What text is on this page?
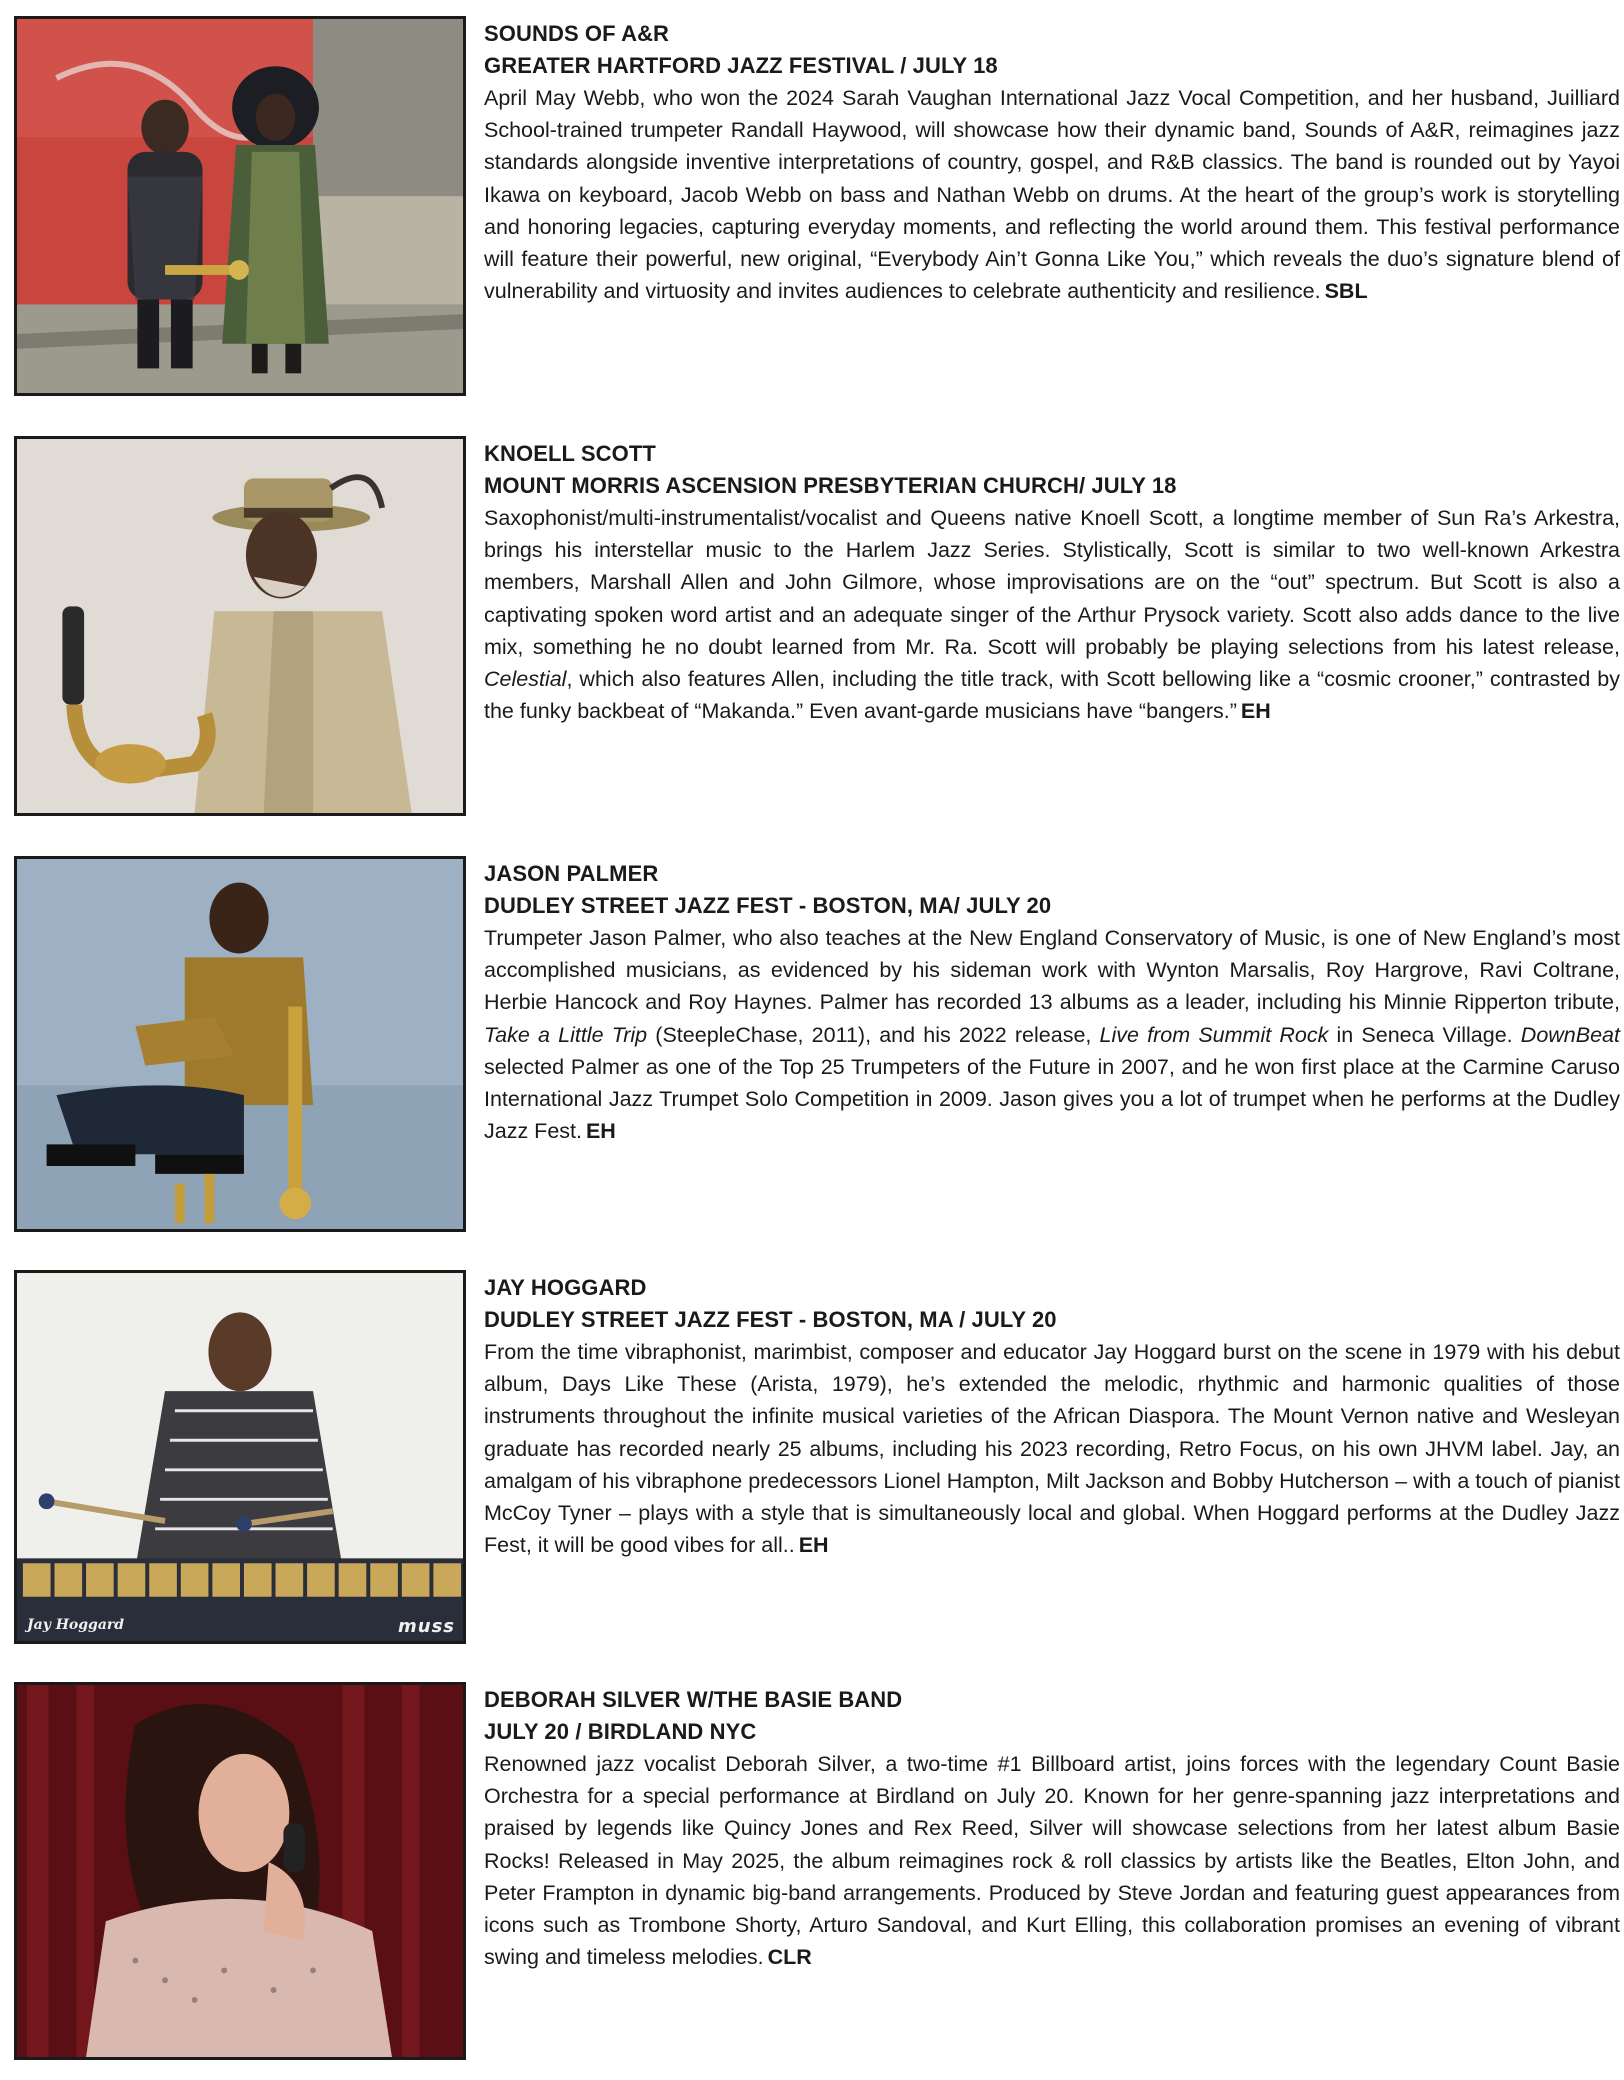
SOUNDS OF A&R
GREATER HARTFORD JAZZ FESTIVAL / JULY 18
April May Webb, who won the 2024 Sarah Vaughan International Jazz Vocal Competition, and her husband, Juilliard School-trained trumpeter Randall Haywood, will showcase how their dynamic band, Sounds of A&R, reimagines jazz standards alongside inventive interpretations of country, gospel, and R&B classics. The band is rounded out by Yayoi Ikawa on keyboard, Jacob Webb on bass and Nathan Webb on drums. At the heart of the group’s work is storytelling and honoring legacies, capturing everyday moments, and reflecting the world around them. This festival performance will feature their powerful, new original, “Everybody Ain’t Gonna Like You,” which reveals the duo’s signature blend of vulnerability and virtuosity and invites audiences to celebrate authenticity and resilience. SBL
KNOELL SCOTT
MOUNT MORRIS ASCENSION PRESBYTERIAN CHURCH/ JULY 18
Saxophonist/multi-instrumentalist/vocalist and Queens native Knoell Scott, a longtime member of Sun Ra’s Arkestra, brings his interstellar music to the Harlem Jazz Series. Stylistically, Scott is similar to two well-known Arkestra members, Marshall Allen and John Gilmore, whose improvisations are on the “out” spectrum. But Scott is also a captivating spoken word artist and an adequate singer of the Arthur Prysock variety. Scott also adds dance to the live mix, something he no doubt learned from Mr. Ra. Scott will probably be playing selections from his latest release, Celestial, which also features Allen, including the title track, with Scott bellowing like a “cosmic crooner,” contrasted by the funky backbeat of “Makanda.” Even avant-garde musicians have “bangers.” EH
JASON PALMER
DUDLEY STREET JAZZ FEST - BOSTON, MA/ JULY 20
Trumpeter Jason Palmer, who also teaches at the New England Conservatory of Music, is one of New England’s most accomplished musicians, as evidenced by his sideman work with Wynton Marsalis, Roy Hargrove, Ravi Coltrane, Herbie Hancock and Roy Haynes. Palmer has recorded 13 albums as a leader, including his Minnie Ripperton tribute, Take a Little Trip (SteepleChase, 2011), and his 2022 release, Live from Summit Rock in Seneca Village. DownBeat selected Palmer as one of the Top 25 Trumpeters of the Future in 2007, and he won first place at the Carmine Caruso International Jazz Trumpet Solo Competition in 2009. Jason gives you a lot of trumpet when he performs at the Dudley Jazz Fest. EH
Jay Hoggard	muss
JAY HOGGARD
DUDLEY STREET JAZZ FEST - BOSTON, MA / JULY 20
From the time vibraphonist, marimbist, composer and educator Jay Hoggard burst on the scene in 1979 with his debut album, Days Like These (Arista, 1979), he’s extended the melodic, rhythmic and harmonic qualities of those instruments throughout the infinite musical varieties of the African Diaspora. The Mount Vernon native and Wesleyan graduate has recorded nearly 25 albums, including his 2023 recording, Retro Focus, on his own JHVM label. Jay, an amalgam of his vibraphone predecessors Lionel Hampton, Milt Jackson and Bobby Hutcherson – with a touch of pianist McCoy Tyner – plays with a style that is simultaneously local and global. When Hoggard performs at the Dudley Jazz Fest, it will be good vibes for all.. EH
DEBORAH SILVER W/THE BASIE BAND
JULY 20 / BIRDLAND NYC
Renowned jazz vocalist Deborah Silver, a two-time #1 Billboard artist, joins forces with the legendary Count Basie Orchestra for a special performance at Birdland on July 20. Known for her genre-spanning jazz interpretations and praised by legends like Quincy Jones and Rex Reed, Silver will showcase selections from her latest album Basie Rocks! Released in May 2025, the album reimagines rock & roll classics by artists like the Beatles, Elton John, and Peter Frampton in dynamic big-band arrangements. Produced by Steve Jordan and featuring guest appearances from icons such as Trombone Shorty, Arturo Sandoval, and Kurt Elling, this collaboration promises an evening of vibrant swing and timeless melodies. CLR
